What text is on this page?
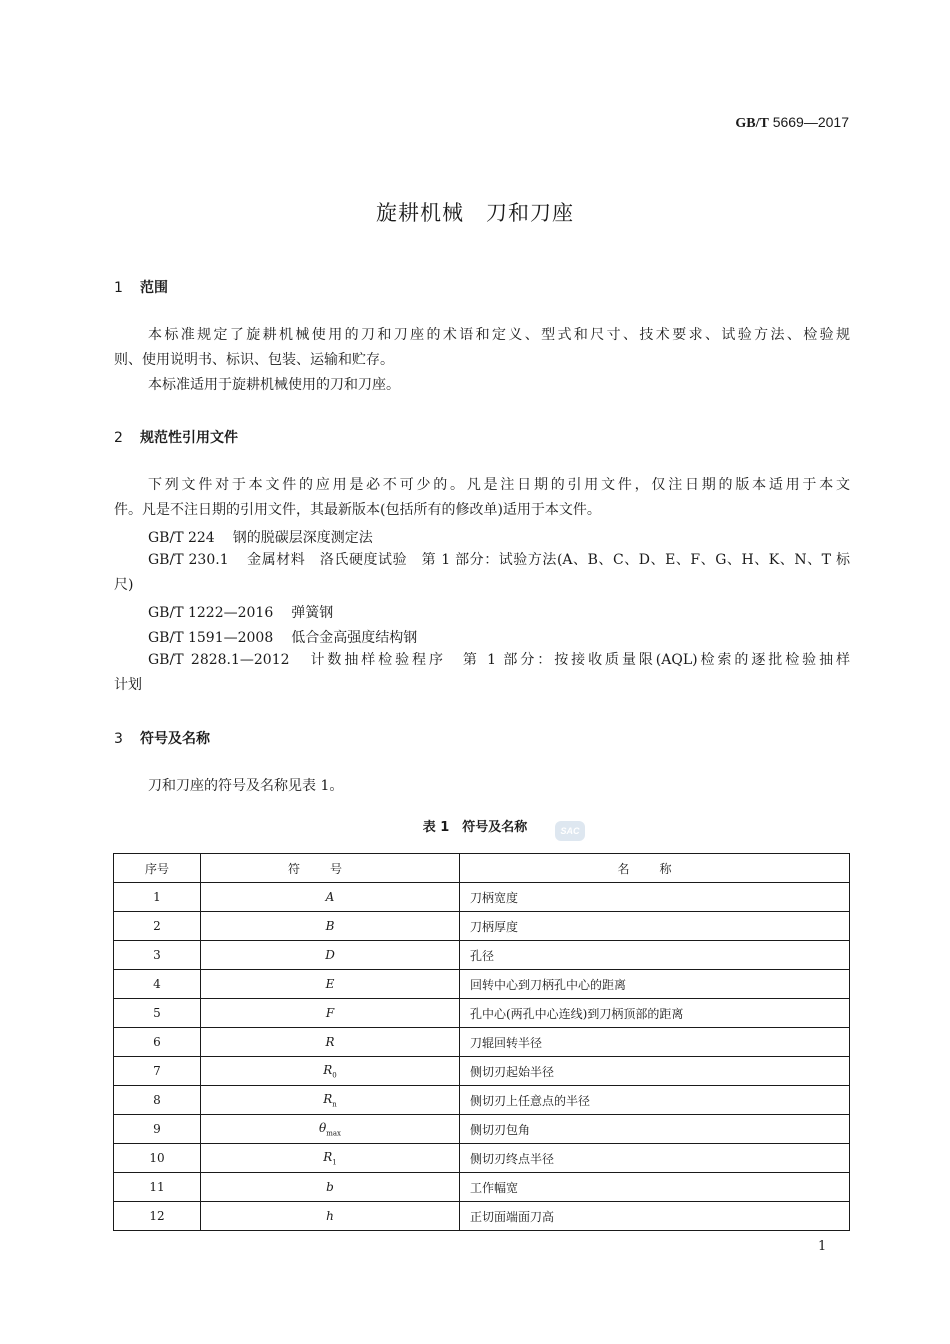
GB/T 5669—2017
旋耕机械　刀和刀座
1 范围
本标准规定了旋耕机械使用的刀和刀座的术语和定义、型式和尺寸、技术要求、试验方法、检验规
则、使用说明书、标识、包装、运输和贮存。
本标准适用于旋耕机械使用的刀和刀座。
2 规范性引用文件
下列文件对于本文件的应用是必不可少的。凡是注日期的引用文件，仅注日期的版本适用于本文
件。凡是不注日期的引用文件，其最新版本(包括所有的修改单)适用于本文件。
GB/T 224 钢的脱碳层深度测定法
GB/T 230.1 金属材料　洛氏硬度试验　第 1 部分：试验方法(A、B、C、D、E、F、G、H、K、N、T 标
尺)
GB/T 1222—2016 弹簧钢
GB/T 1591—2008 低合金高强度结构钢
GB/T 2828.1—2012 计数抽样检验程序　第 1 部分：按接收质量限(AQL)检索的逐批检验抽样
计划
3 符号及名称
刀和刀座的符号及名称见表 1。
表 1　符号及名称	SAC
序号	符号	名称
1	A	刀柄宽度
2	B	刀柄厚度
3	D	孔径
4	E	回转中心到刀柄孔中心的距离
5	F	孔中心(两孔中心连线)到刀柄顶部的距离
6	R	刀辊回转半径
7	$R_0$	侧切刃起始半径
8	$R_n$	侧切刃上任意点的半径
9	$\theta_{max}$	侧切刃包角
10	$R_1$	侧切刃终点半径
11	b	工作幅宽
12	h	正切面端面刀高
1
